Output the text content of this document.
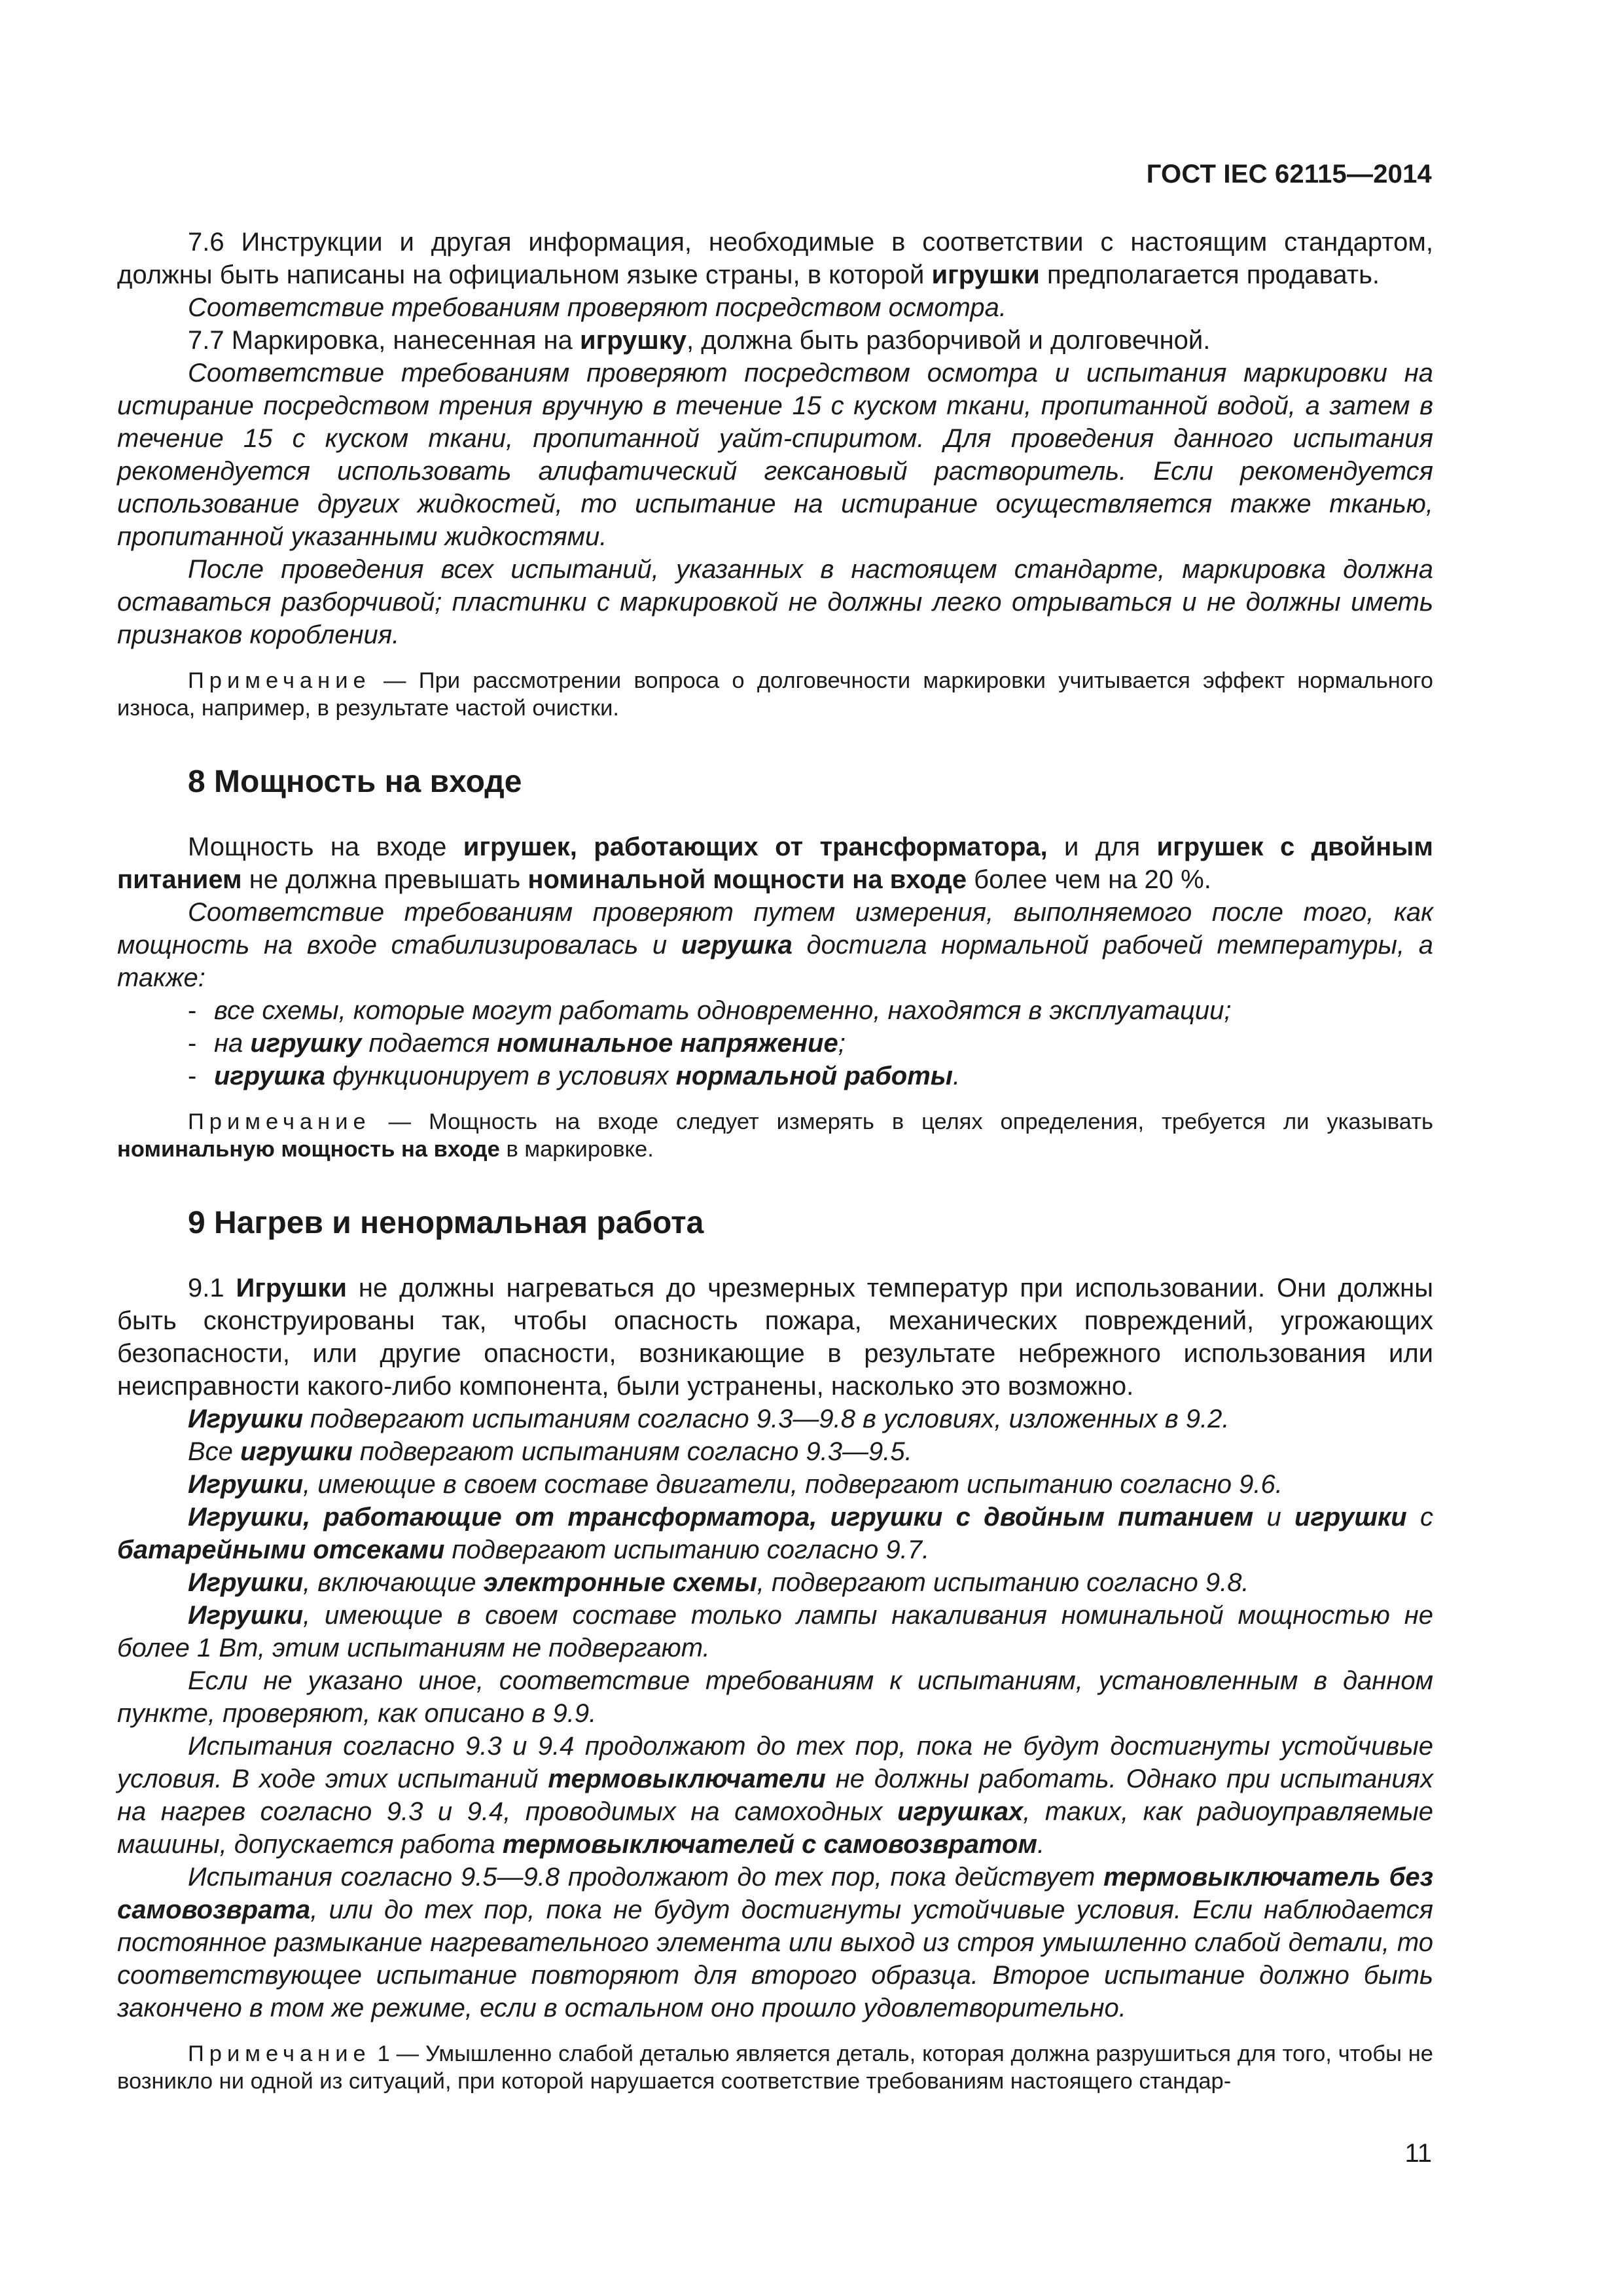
ГОСТ IEC 62115—2014

7.6 Инструкции и другая информация, необходимые в соответствии с настоящим стандартом, должны быть написаны на официальном языке страны, в которой игрушки предполагается продавать.

Соответствие требованиям проверяют посредством осмотра.

7.7 Маркировка, нанесенная на игрушку, должна быть разборчивой и долговечной.

Соответствие требованиям проверяют посредством осмотра и испытания маркировки на истирание посредством трения вручную в течение 15 с куском ткани, пропитанной водой, а затем в течение 15 с куском ткани, пропитанной уайт-спиритом. Для проведения данного испытания рекомендуется использовать алифатический гексановый растворитель. Если рекомендуется использование других жидкостей, то испытание на истирание осуществляется также тканью, пропитанной указанными жидкостями.

После проведения всех испытаний, указанных в настоящем стандарте, маркировка должна оставаться разборчивой; пластинки с маркировкой не должны легко отрываться и не должны иметь признаков коробления.

Примечание — При рассмотрении вопроса о долговечности маркировки учитывается эффект нормального износа, например, в результате частой очистки.

8 Мощность на входе

Мощность на входе игрушек, работающих от трансформатора, и для игрушек с двойным питанием не должна превышать номинальной мощности на входе более чем на 20 %.

Соответствие требованиям проверяют путем измерения, выполняемого после того, как мощность на входе стабилизировалась и игрушка достигла нормальной рабочей температуры, а также:

- все схемы, которые могут работать одновременно, находятся в эксплуатации;

- на игрушку подается номинальное напряжение;

- игрушка функционирует в условиях нормальной работы.

Примечание — Мощность на входе следует измерять в целях определения, требуется ли указывать номинальную мощность на входе в маркировке.

9 Нагрев и ненормальная работа

9.1 Игрушки не должны нагреваться до чрезмерных температур при использовании. Они должны быть сконструированы так, чтобы опасность пожара, механических повреждений, угрожающих безопасности, или другие опасности, возникающие в результате небрежного использования или неисправности какого-либо компонента, были устранены, насколько это возможно.

Игрушки подвергают испытаниям согласно 9.3—9.8 в условиях, изложенных в 9.2.

Все игрушки подвергают испытаниям согласно 9.3—9.5.

Игрушки, имеющие в своем составе двигатели, подвергают испытанию согласно 9.6.

Игрушки, работающие от трансформатора, игрушки с двойным питанием и игрушки с батарейными отсеками подвергают испытанию согласно 9.7.

Игрушки, включающие электронные схемы, подвергают испытанию согласно 9.8.

Игрушки, имеющие в своем составе только лампы накаливания номинальной мощностью не более 1 Вт, этим испытаниям не подвергают.

Если не указано иное, соответствие требованиям к испытаниям, установленным в данном пункте, проверяют, как описано в 9.9.

Испытания согласно 9.3 и 9.4 продолжают до тех пор, пока не будут достигнуты устойчивые условия. В ходе этих испытаний термовыключатели не должны работать. Однако при испытаниях на нагрев согласно 9.3 и 9.4, проводимых на самоходных игрушках, таких, как радиоуправляемые машины, допускается работа термовыключателей с самовозвратом.

Испытания согласно 9.5—9.8 продолжают до тех пор, пока действует термовыключатель без самовозврата, или до тех пор, пока не будут достигнуты устойчивые условия. Если наблюдается постоянное размыкание нагревательного элемента или выход из строя умышленно слабой детали, то соответствующее испытание повторяют для второго образца. Второе испытание должно быть закончено в том же режиме, если в остальном оно прошло удовлетворительно.

Примечание 1 — Умышленно слабой деталью является деталь, которая должна разрушиться для того, чтобы не возникло ни одной из ситуаций, при которой нарушается соответствие требованиям настоящего стандар-

11
